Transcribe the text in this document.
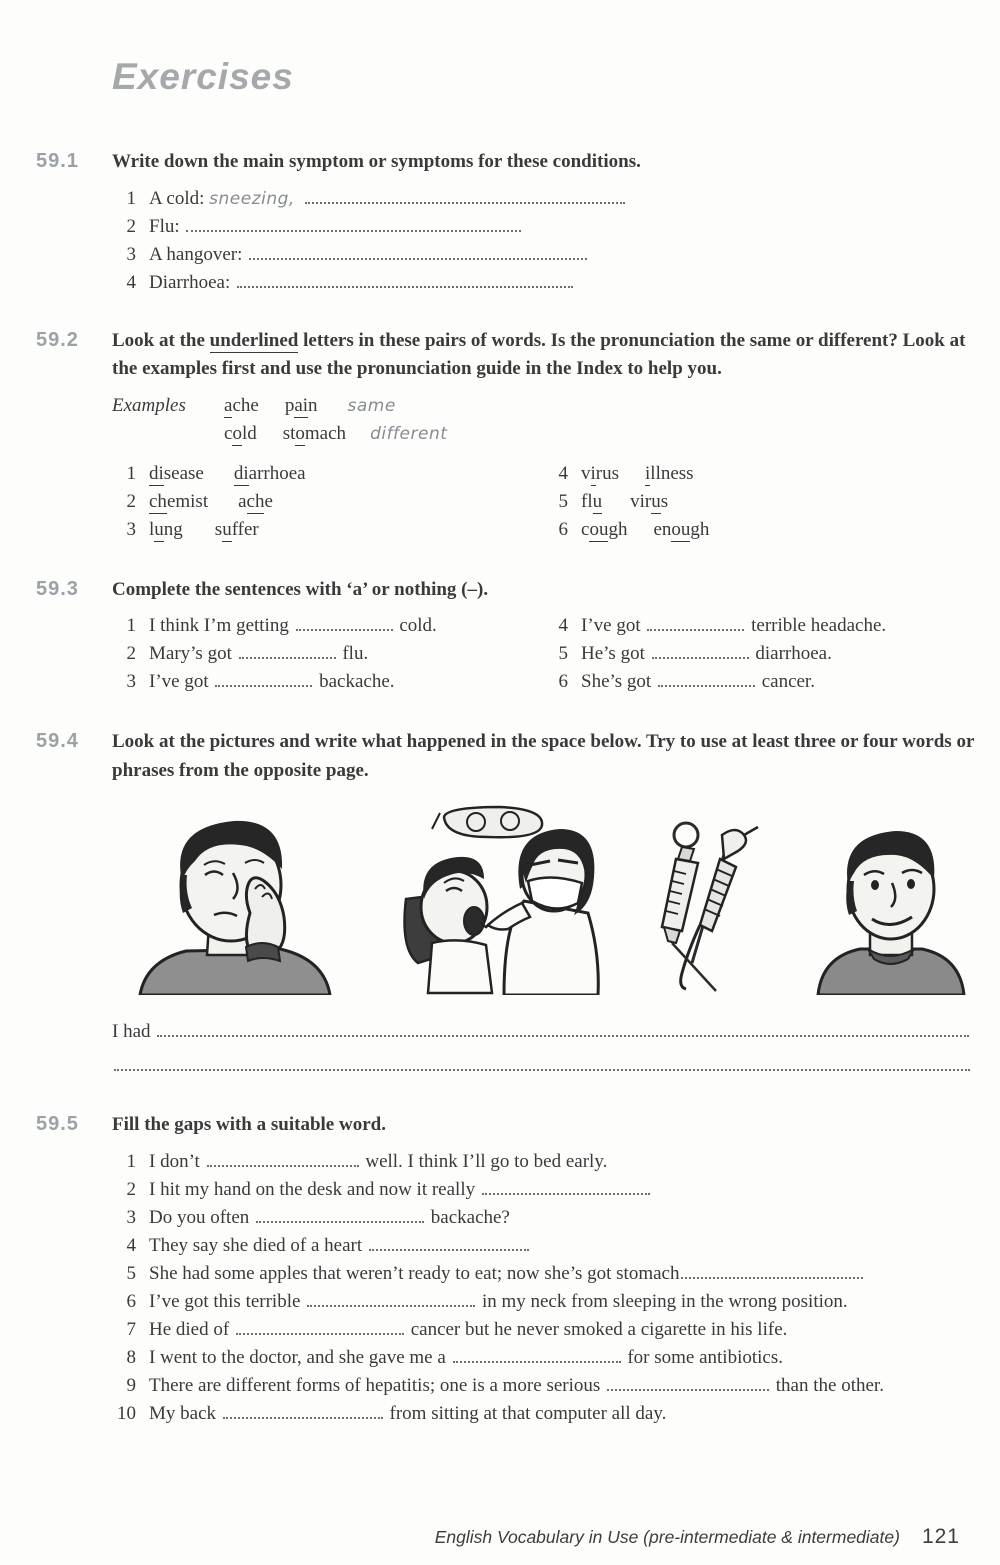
Exercises
59.1	Write down the main symptom or symptoms for these conditions.
1 A cold: sneezing,
2 Flu:
3 A hangover:
4 Diarrhoea:
59.2	Look at the underlined letters in these pairs of words. Is the pronunciation the same or different? Look at the examples first and use the pronunciation guide in the Index to help you.
Examples	ache pain same
cold stomach different
1 disease diarrhoea
2 chemist ache
3 lung suffer
4 virus illness
5 flu virus
6 cough enough
59.3	Complete the sentences with ‘a’ or nothing (–).
1 I think I’m getting	cold.
2 Mary’s got	flu.
3 I’ve got	backache.
4 I’ve got	terrible headache.
5 He’s got	diarrhoea.
6 She’s got	cancer.
59.4	Look at the pictures and write what happened in the space below. Try to use at least three or four words or phrases from the opposite page.
I had
59.5	Fill the gaps with a suitable word.
1 I don’t	well. I think I’ll go to bed early.
2 I hit my hand on the desk and now it really
3 Do you often	backache?
4 They say she died of a heart
5 She had some apples that weren’t ready to eat; now she’s got stomach
6 I’ve got this terrible	in my neck from sleeping in the wrong position.
7 He died of	cancer but he never smoked a cigarette in his life.
8 I went to the doctor, and she gave me a	for some antibiotics.
9 There are different forms of hepatitis; one is a more serious	than the other.
10 My back	from sitting at that computer all day.
English Vocabulary in Use (pre-intermediate & intermediate) 121
